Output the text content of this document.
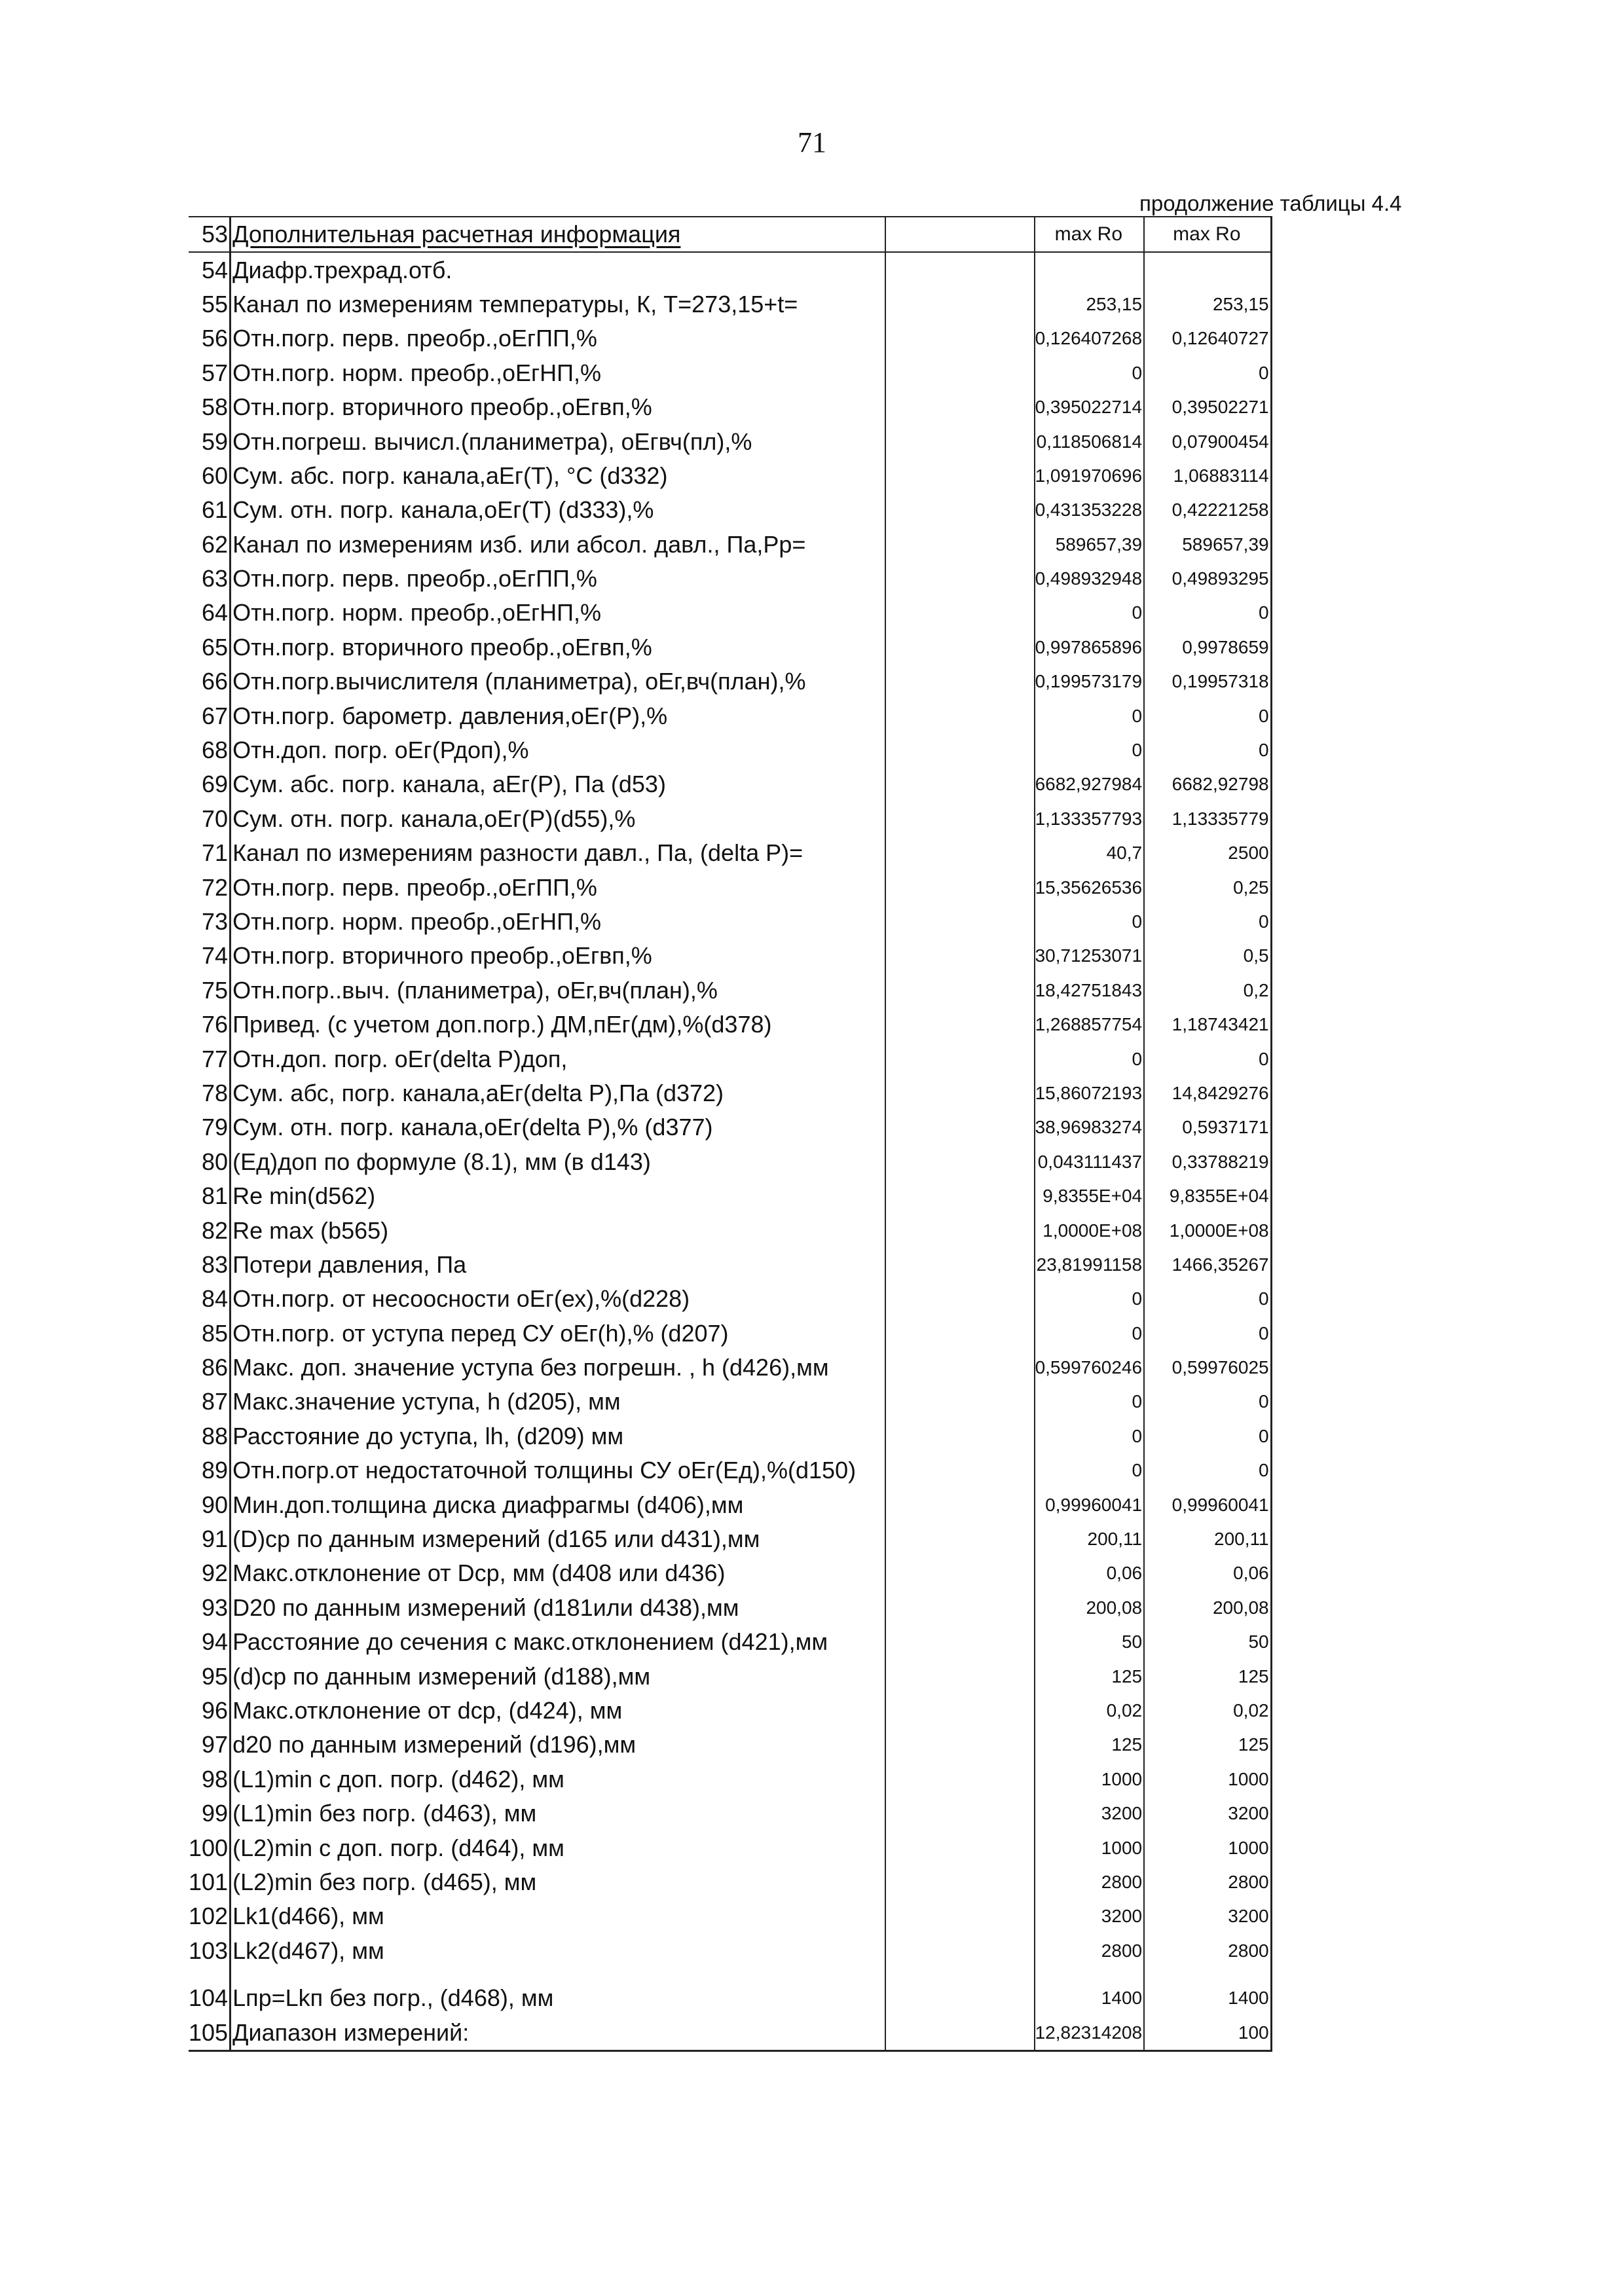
71
продолжение таблицы 4.4
53	Дополнительная расчетная информация		max Ro	max Ro
54	Диафр.трехрад.отб.			
55	Канал по измерениям температуры, К, Т=273,15+t=		253,15	253,15
56	Отн.погр. перв. преобр.,оЕгПП,%		0,126407268	0,12640727
57	Отн.погр. норм. преобр.,оЕгНП,%		0	0
58	Отн.погр. вторичного преобр.,оЕгвп,%		0,395022714	0,39502271
59	Отн.погреш. вычисл.(планиметра), оЕгвч(пл),%		0,118506814	0,07900454
60	Сум. абс. погр. канала,аЕг(Т), °С (d332)		1,091970696	1,06883114
61	Сум. отн. погр. канала,оЕг(Т) (d333),%		0,431353228	0,42221258
62	Канал по измерениям изб. или абсол. давл., Па,Рр=		589657,39	589657,39
63	Отн.погр. перв. преобр.,оЕгПП,%		0,498932948	0,49893295
64	Отн.погр. норм. преобр.,оЕгНП,%		0	0
65	Отн.погр. вторичного преобр.,оЕгвп,%		0,997865896	0,9978659
66	Отн.погр.вычислителя (планиметра), оЕг,вч(план),%		0,199573179	0,19957318
67	Отн.погр. барометр. давления,оЕг(Р),%		0	0
68	Отн.доп. погр. оЕг(Рдоп),%		0	0
69	Сум. абс. погр. канала, аЕг(Р), Па (d53)		6682,927984	6682,92798
70	Сум. отн. погр. канала,оЕг(Р)(d55),%		1,133357793	1,13335779
71	Канал по измерениям разности давл., Па, (delta P)=		40,7	2500
72	Отн.погр. перв. преобр.,оЕгПП,%		15,35626536	0,25
73	Отн.погр. норм. преобр.,оЕгНП,%		0	0
74	Отн.погр. вторичного преобр.,оЕгвп,%		30,71253071	0,5
75	Отн.погр..выч. (планиметра), оЕг,вч(план),%		18,42751843	0,2
76	Привед. (с учетом доп.погр.) ДМ,пЕг(дм),%(d378)		1,268857754	1,18743421
77	Отн.доп. погр. оЕг(delta Р)доп,		0	0
78	Сум. абс, погр. канала,аЕг(delta Р),Па (d372)		15,86072193	14,8429276
79	Сум. отн. погр. канала,оЕг(delta Р),% (d377)		38,96983274	0,5937171
80	(Ед)доп по формуле (8.1), мм (в d143)		0,043111437	0,33788219
81	Re min(d562)		9,8355E+04	9,8355E+04
82	Re max (b565)		1,0000E+08	1,0000E+08
83	Потери давления, Па		23,81991158	1466,35267
84	Отн.погр. от несоосности оЕг(ех),%(d228)		0	0
85	Отн.погр. от уступа перед СУ оЕг(h),% (d207)		0	0
86	Макс. доп. значение уступа без погрешн. , h (d426),мм		0,599760246	0,59976025
87	Макс.значение уступа, h (d205), мм		0	0
88	Расстояние до уступа, lh, (d209) мм		0	0
89	Отн.погр.от недостаточной толщины СУ оЕг(Ед),%(d150)		0	0
90	Мин.доп.толщина диска диафрагмы (d406),мм		0,99960041	0,99960041
91	(D)ср по данным измерений (d165 или d431),мм		200,11	200,11
92	Макс.отклонение от Dср, мм (d408 или d436)		0,06	0,06
93	D20 по данным измерений (d181или d438),мм		200,08	200,08
94	Расстояние до сечения с макс.отклонением (d421),мм		50	50
95	(d)ср по данным измерений (d188),мм		125	125
96	Макс.отклонение от dср, (d424), мм		0,02	0,02
97	d20 по данным измерений (d196),мм		125	125
98	(L1)min с доп. погр. (d462), мм		1000	1000
99	(L1)min без погр. (d463), мм		3200	3200
100	(L2)min с доп. погр. (d464), мм		1000	1000
101	(L2)min без погр. (d465), мм		2800	2800
102	Lk1(d466), мм		3200	3200
103	Lk2(d467), мм		2800	2800

104	Lпр=Lkп без погр., (d468), мм		1400	1400
105	Диапазон измерений:		12,82314208	100
